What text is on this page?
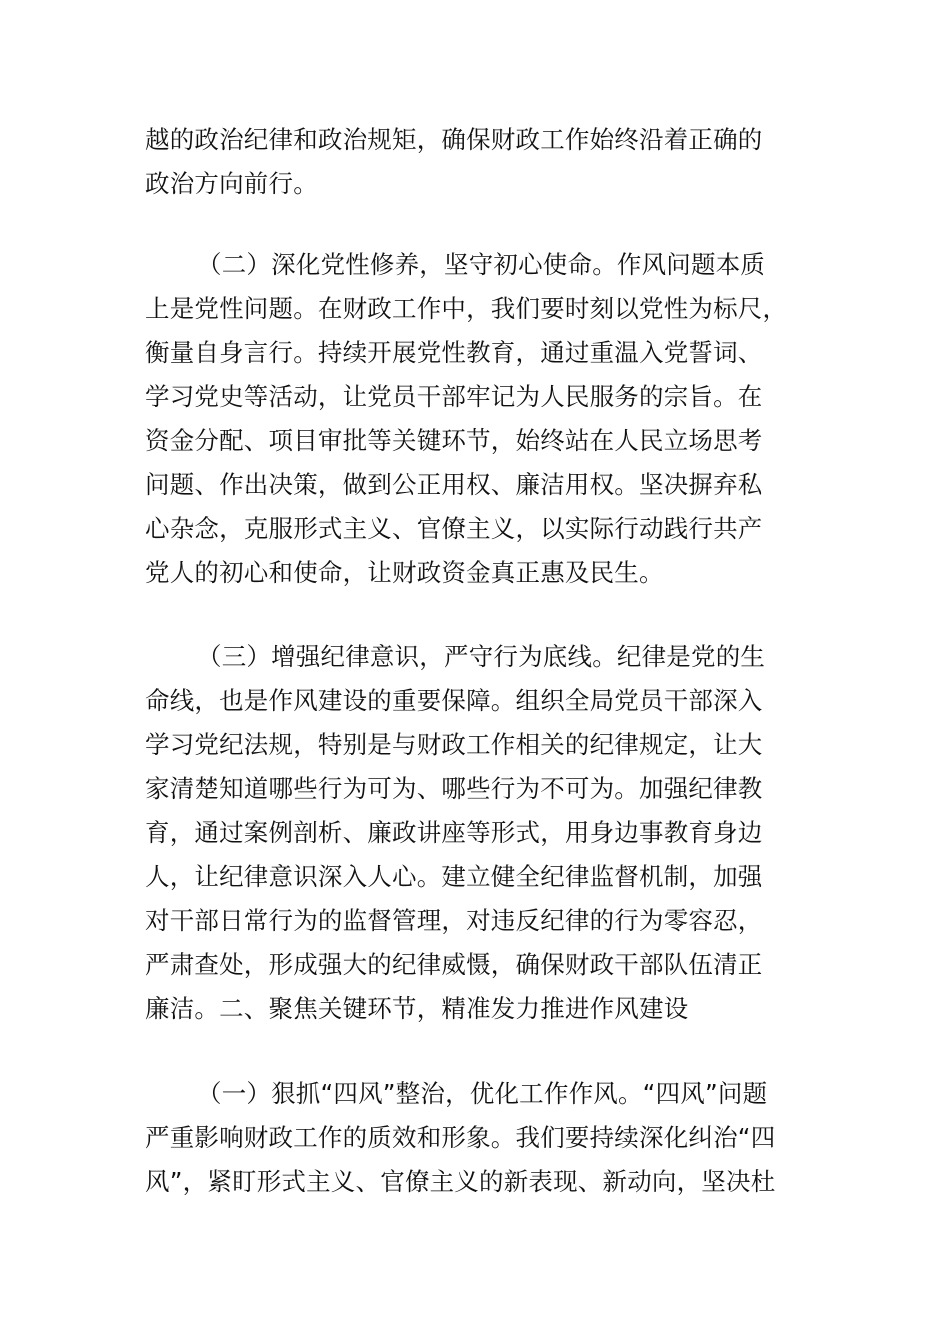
越的政治纪律和政治规矩，确保财政工作始终沿着正确的
政治方向前行。
（二）深化党性修养，坚守初心使命。作风问题本质
上是党性问题。在财政工作中，我们要时刻以党性为标尺，
衡量自身言行。持续开展党性教育，通过重温入党誓词、
学习党史等活动，让党员干部牢记为人民服务的宗旨。在
资金分配、项目审批等关键环节，始终站在人民立场思考
问题、作出决策，做到公正用权、廉洁用权。坚决摒弃私
心杂念，克服形式主义、官僚主义，以实际行动践行共产
党人的初心和使命，让财政资金真正惠及民生。
（三）增强纪律意识，严守行为底线。纪律是党的生
命线，也是作风建设的重要保障。组织全局党员干部深入
学习党纪法规，特别是与财政工作相关的纪律规定，让大
家清楚知道哪些行为可为、哪些行为不可为。加强纪律教
育，通过案例剖析、廉政讲座等形式，用身边事教育身边
人，让纪律意识深入人心。建立健全纪律监督机制，加强
对干部日常行为的监督管理，对违反纪律的行为零容忍，
严肃查处，形成强大的纪律威慑，确保财政干部队伍清正
廉洁。二、聚焦关键环节，精准发力推进作风建设
（一）狠抓“四风”整治，优化工作作风。“四风”问题
严重影响财政工作的质效和形象。我们要持续深化纠治“四
风”，紧盯形式主义、官僚主义的新表现、新动向，坚决杜
